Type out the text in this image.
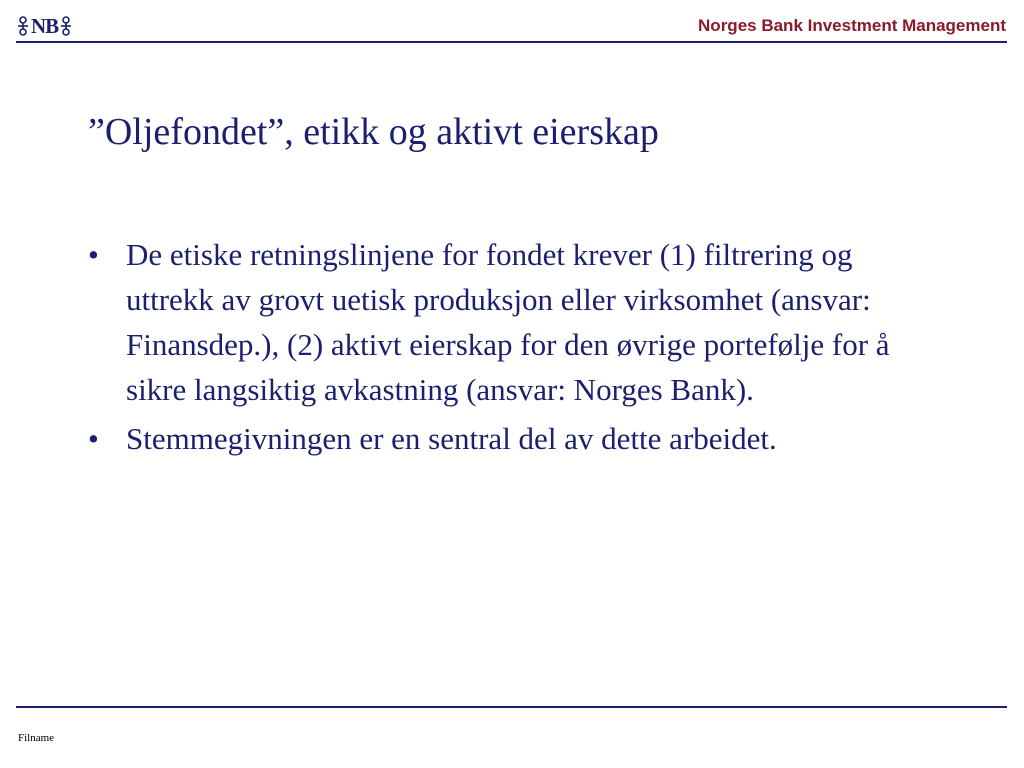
NB	Norges Bank Investment Management
”Oljefondet”, etikk og aktivt eierskap
• De etiske retningslinjene for fondet krever (1) filtrering og uttrekk av grovt uetisk produksjon eller virksomhet (ansvar: Finansdep.), (2) aktivt eierskap for den øvrige portefølje for å sikre langsiktig avkastning (ansvar: Norges Bank).
• Stemmegivningen er en sentral del av dette arbeidet.
Filname
